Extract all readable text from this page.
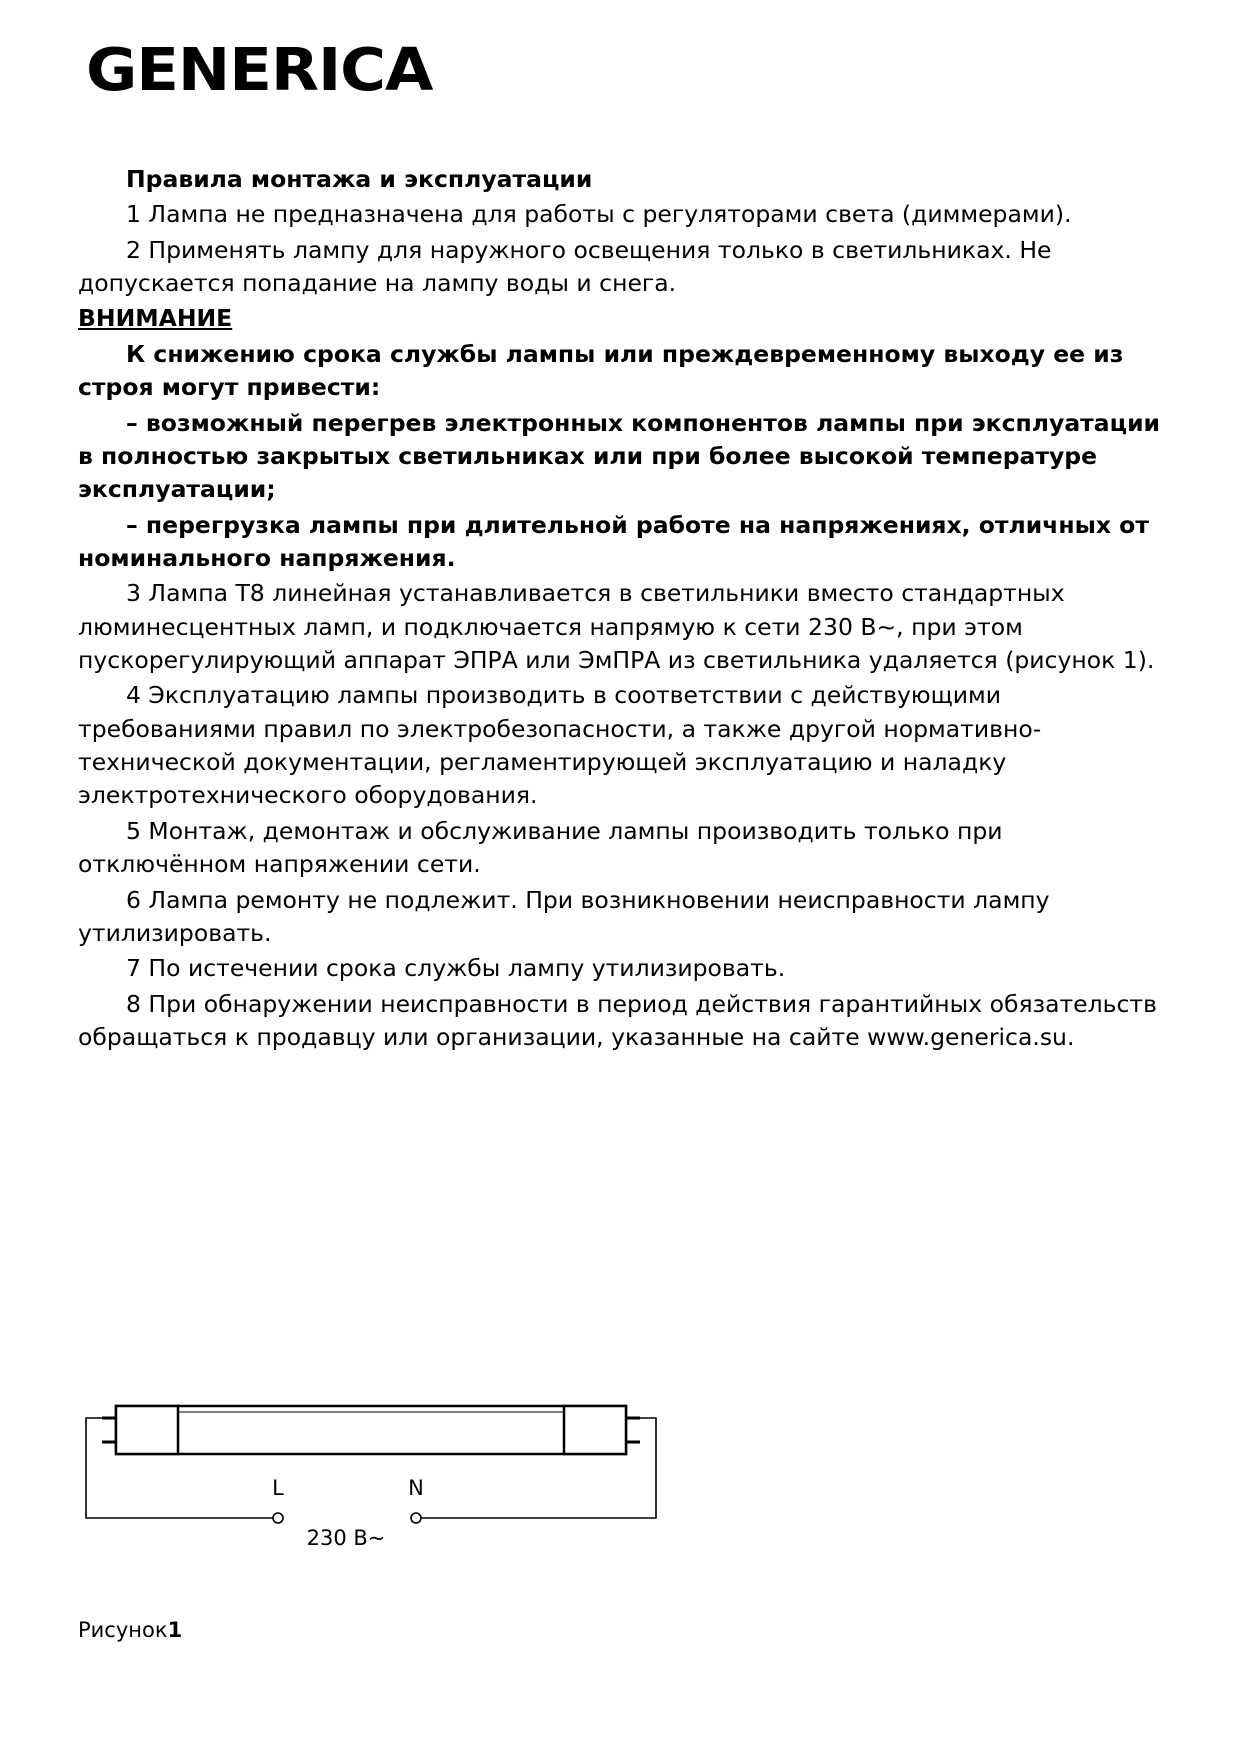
GENERICA

Правила монтажа и эксплуатации

1 Лампа не предназначена для работы с регуляторами света (диммерами).

2 Применять лампу для наружного освещения только в светильниках. Не допускается попадание на лампу воды и снега.

ВНИМАНИЕ

К снижению срока службы лампы или преждевременному выходу ее из строя могут привести:

– возможный перегрев электронных компонентов лампы при эксплуатации в полностью закрытых светильниках или при более высокой температуре эксплуатации;

– перегрузка лампы при длительной работе на напряжениях, отличных от номинального напряжения.

3 Лампа Т8 линейная устанавливается в светильники вместо стандартных люминесцентных ламп, и подключается напрямую к сети 230 В~, при этом пускорегулирующий аппарат ЭПРА или ЭмПРА из светильника удаляется (рисунок 1).

4 Эксплуатацию лампы производить в соответствии с действующими требованиями правил по электробезопасности, а также другой нормативно-технической документации, регламентирующей эксплуатацию и наладку электротехнического оборудования.

5 Монтаж, демонтаж и обслуживание лампы производить только при отключённом напряжении сети.

6 Лампа ремонту не подлежит. При возникновении неисправности лампу утилизировать.

7 По истечении срока службы лампу утилизировать.

8 При обнаружении неисправности в период действия гарантийных обязательств обращаться к продавцу или организации, указанные на сайте www.generica.su.

L	N
230 В~
Рисунок1
